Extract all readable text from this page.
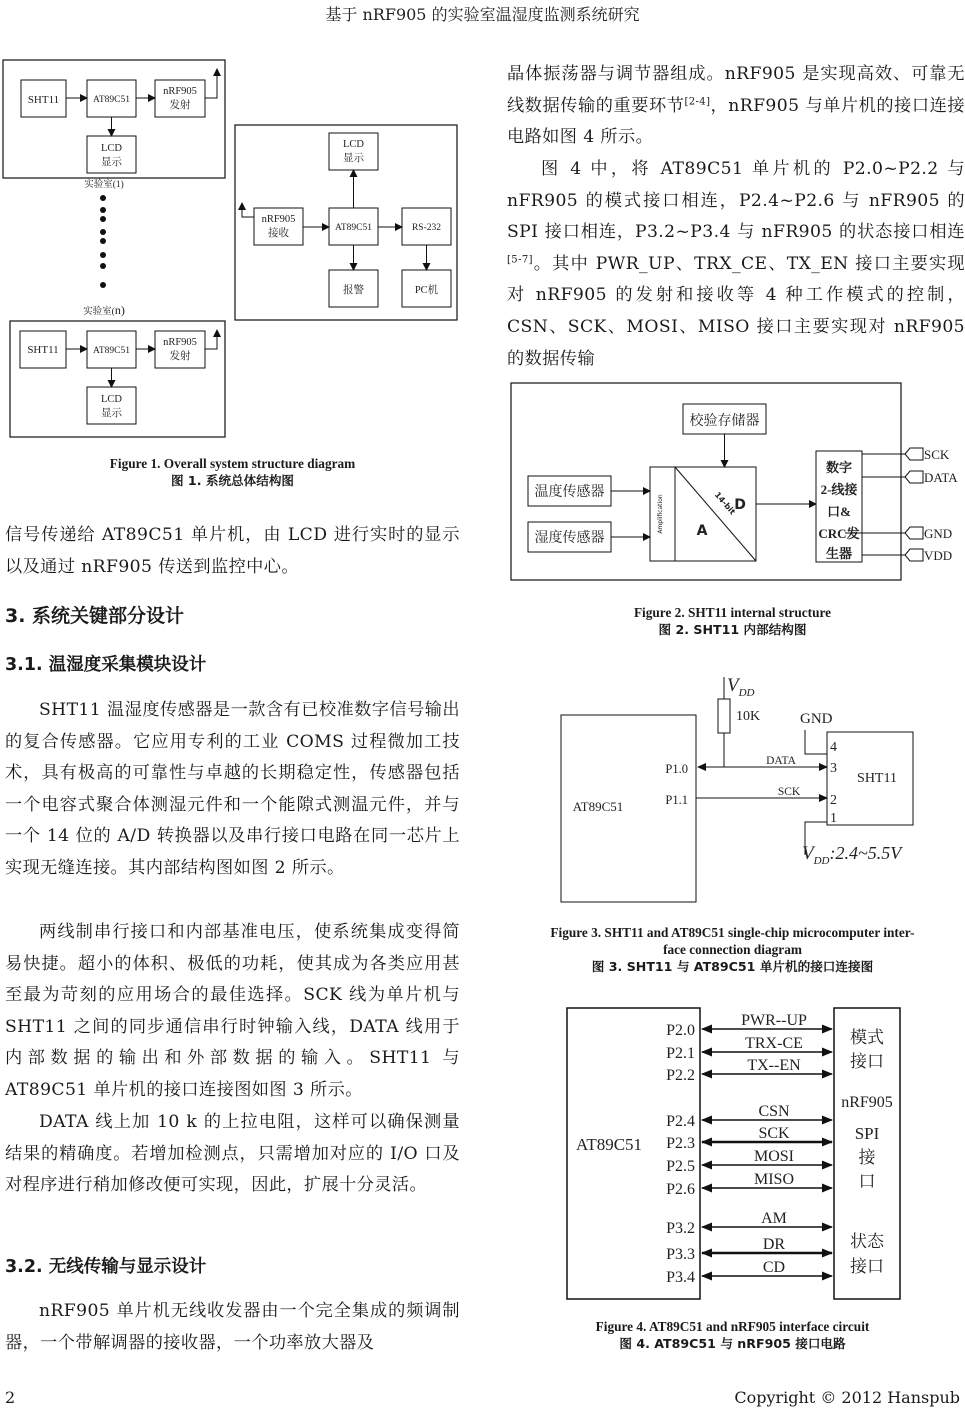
基于 nRF905 的实验室温湿度监测系统研究
SHT11	AT89C51
nRF905
发射
LCD
显示
实验室(1)
实验室(n)
SHT11	AT89C51
nRF905
发射
LCD
显示
LCD
显示
nRF905
接收	AT89C51	RS-232
报警	PC机
Figure 1. Overall system structure diagram
图 1. 系统总体结构图
信号传递给 AT89C51 单片机，由 LCD 进行实时的显示以及通过 nRF905 传送到监控中心。
3. 系统关键部分设计
3.1. 温湿度采集模块设计
SHT11 温湿度传感器是一款含有已校准数字信号输出的复合传感器。它应用专利的工业 COMS 过程微加工技术，具有极高的可靠性与卓越的长期稳定性，传感器包括一个电容式聚合体测湿元件和一个能隙式测温元件，并与一个 14 位的 A/D 转换器以及串行接口电路在同一芯片上实现无缝连接。其内部结构图如图 2 所示。
两线制串行接口和内部基准电压，使系统集成变得简易快捷。超小的体积、极低的功耗，使其成为各类应用甚至最为苛刻的应用场合的最佳选择。SCK 线为单片机与 SHT11 之间的同步通信串行时钟输入线，DATA 线用于内部数据的输出和外部数据的输入。SHT11 与 AT89C51 单片机的接口连接图如图 3 所示。
DATA 线上加 10 k 的上拉电阻，这样可以确保测量结果的精确度。若增加检测点，只需增加对应的 I/O 口及对程序进行稍加修改便可实现，因此，扩展十分灵活。
3.2. 无线传输与显示设计
nRF905 单片机无线收发器由一个完全集成的频调制器，一个带解调器的接收器，一个功率放大器及
晶体振荡器与调节器组成。nRF905 是实现高效、可靠无线数据传输的重要环节[2-4]，nRF905 与单片机的接口连接电路如图 4 所示。
图 4 中，将 AT89C51 单片机的 P2.0~P2.2 与 nFR905 的模式接口相连，P2.4~P2.6 与 nFR905 的 SPI 接口相连，P3.2~P3.4 与 nFR905 的状态接口相连[5-7]。其中 PWR_UP、TRX_CE、TX_EN 接口主要实现对 nRF905 的发射和接收等 4 种工作模式的控制，CSN、SCK、MOSI、MISO 接口主要实现对 nRF905 的数据传输
校验存储器
温度传感器
湿度传感器
Amplification	14-bit
A
D
数字
2-线接
口&
CRC发
生器
SCK
DATA
GND
VDD
Figure 2. SHT11 internal structure
图 2. SHT11 内部结构图
AT89C51
P1.0
P1.1
$V_{DD}$
10K
DATA
SCK
SHT11
4
3
2
1
GND
$V_{DD}:2.4\sim 5.5V$
Figure 3. SHT11 and AT89C51 single-chip microcomputer inter-
face connection diagram
图 3. SHT11 与 AT89C51 单片机的接口连接图
AT89C51
模式
接口
nRF905
SPI
接
口
状态
接口
P2.0
PWR--UP
P2.1
TRX-CE
P2.2
TX--EN
P2.4
CSN
P2.3
SCK
P2.5
MOSI
P2.6
MISO
P3.2
AM
P3.3
DR
P3.4
CD
Figure 4. AT89C51 and nRF905 interface circuit
图 4. AT89C51 与 nRF905 接口电路
2	Copyright © 2012 Hanspub
